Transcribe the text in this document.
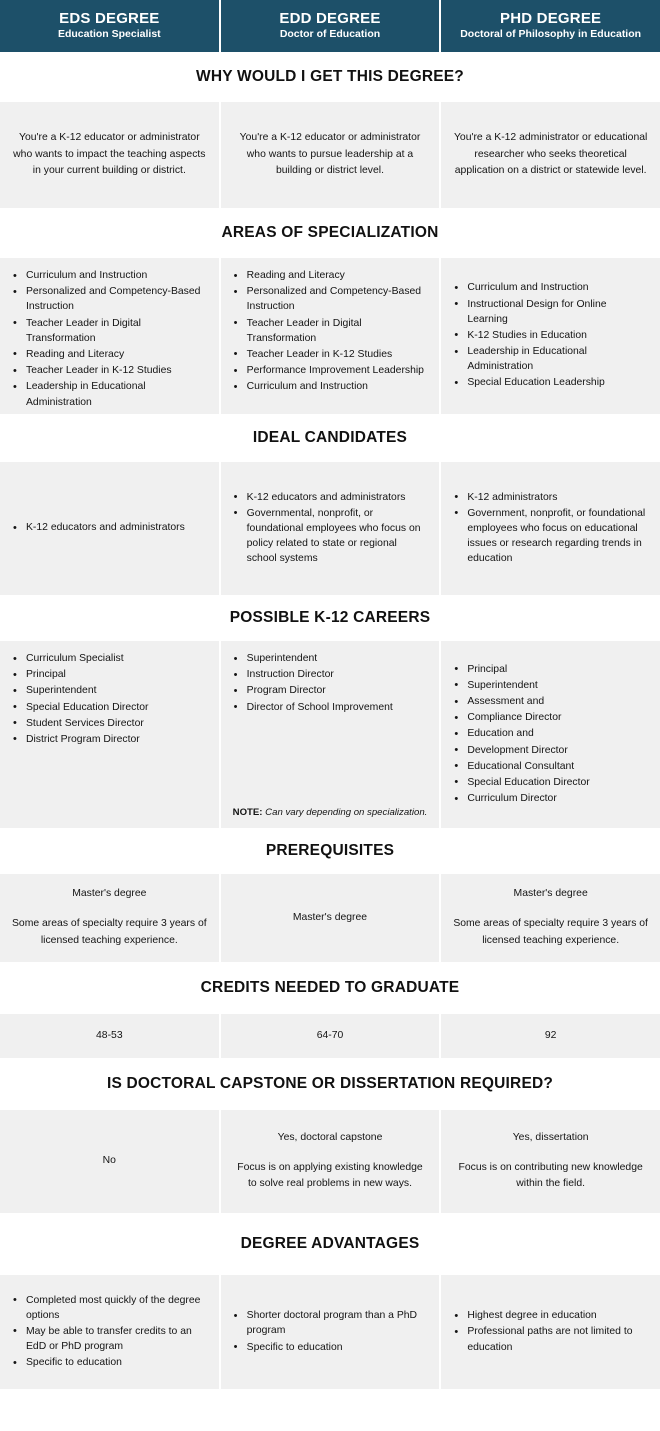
EDS DEGREE
Education Specialist
EDD DEGREE
Doctor of Education
PHD DEGREE
Doctoral of Philosophy in Education
WHY WOULD I GET THIS DEGREE?
You're a K-12 educator or administrator who wants to impact the teaching aspects in your current building or district.
You're a K-12 educator or administrator who wants to pursue leadership at a building or district level.
You're a K-12 administrator or educational researcher who seeks theoretical application on a district or statewide level.
AREAS OF SPECIALIZATION
• Curriculum and Instruction
• Personalized and Competency-Based Instruction
• Teacher Leader in Digital Transformation
• Reading and Literacy
• Teacher Leader in K-12 Studies
• Leadership in Educational Administration
• Reading and Literacy
• Personalized and Competency-Based Instruction
• Teacher Leader in Digital Transformation
• Teacher Leader in K-12 Studies
• Performance Improvement Leadership
• Curriculum and Instruction
• Curriculum and Instruction
• Instructional Design for Online Learning
• K-12 Studies in Education
• Leadership in Educational Administration
• Special Education Leadership
IDEAL CANDIDATES
• K-12 educators and administrators
• K-12 educators and administrators
• Governmental, nonprofit, or foundational employees who focus on policy related to state or regional school systems
• K-12 administrators
• Government, nonprofit, or foundational employees who focus on educational issues or research regarding trends in education
POSSIBLE K-12 CAREERS
• Curriculum Specialist
• Principal
• Superintendent
• Special Education Director
• Student Services Director
• District Program Director
• Superintendent
• Instruction Director
• Program Director
• Director of School Improvement
NOTE: Can vary depending on specialization.
• Principal
• Superintendent
• Assessment and
• Compliance Director
• Education and
• Development Director
• Educational Consultant
• Special Education Director
• Curriculum Director
PREREQUISITES
Master's degree
Some areas of specialty require 3 years of licensed teaching experience.
Master's degree
Master's degree
Some areas of specialty require 3 years of licensed teaching experience.
CREDITS NEEDED TO GRADUATE
48-53	64-70	92
IS DOCTORAL CAPSTONE OR DISSERTATION REQUIRED?
No
Yes, doctoral capstone
Focus is on applying existing knowledge to solve real problems in new ways.
Yes, dissertation
Focus is on contributing new knowledge within the field.
DEGREE ADVANTAGES
• Completed most quickly of the degree options
• May be able to transfer credits to an EdD or PhD program
• Specific to education
• Shorter doctoral program than a PhD program
• Specific to education
• Highest degree in education
• Professional paths are not limited to education
